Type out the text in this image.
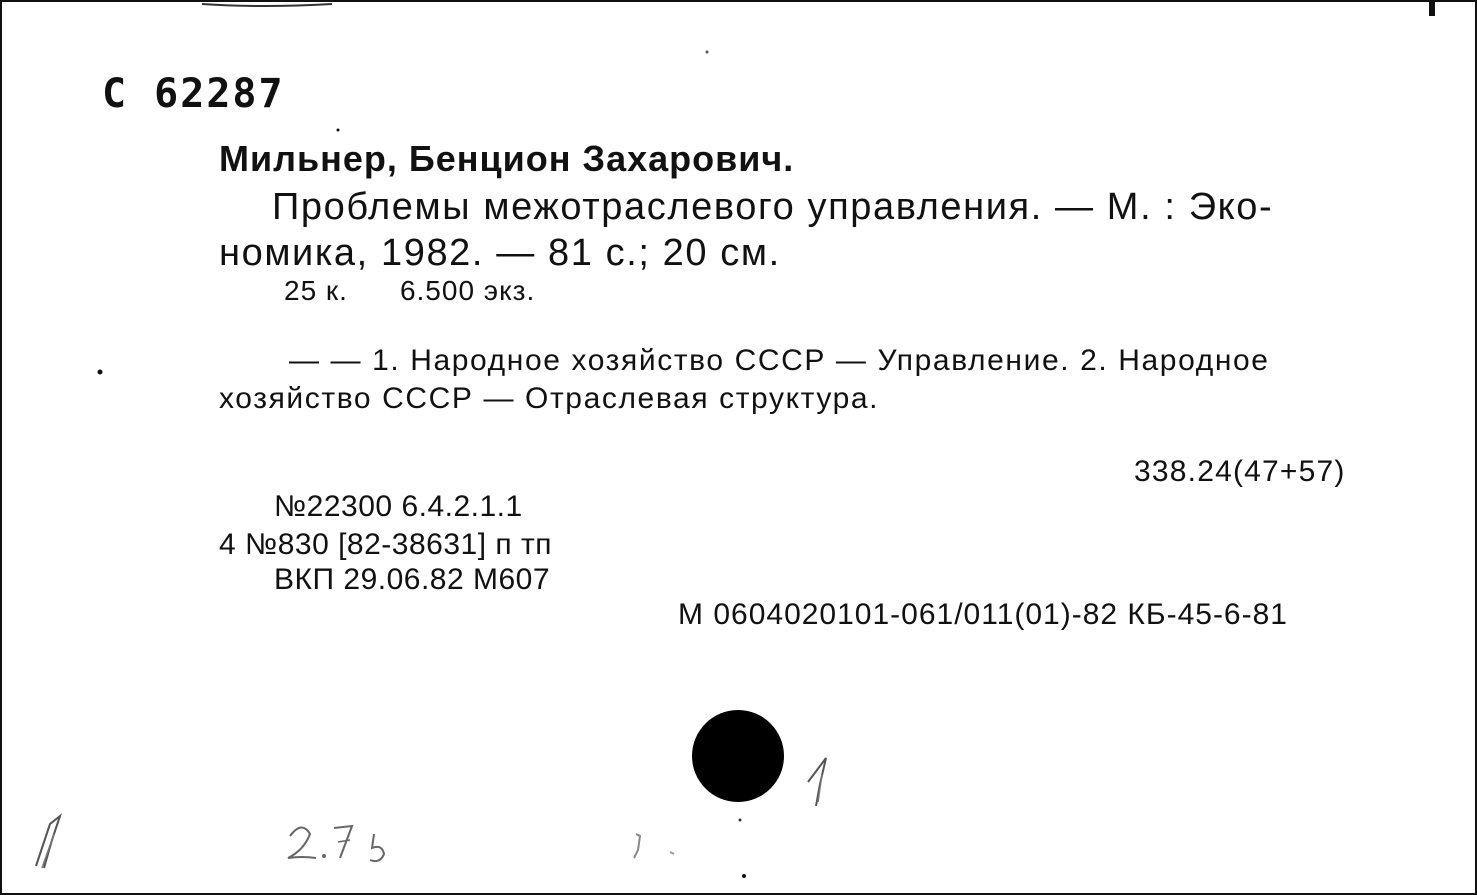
С 62287
Мильнер, Бенцион Захарович.
Проблемы межотраслевого управления. — М. : Эко-
номика, 1982. — 81 с.; 20 см.
25 к. 6.500 экз.
— — 1. Народное хозяйство СССР — Управление. 2. Народное
хозяйство СССР — Отраслевая структура.
338.24(47+57)
№22300 6.4.2.1.1
4 №830 [82-38631] п тп
ВКП 29.06.82 М607
М 0604020101-061/011(01)-82 КБ-45-6-81
